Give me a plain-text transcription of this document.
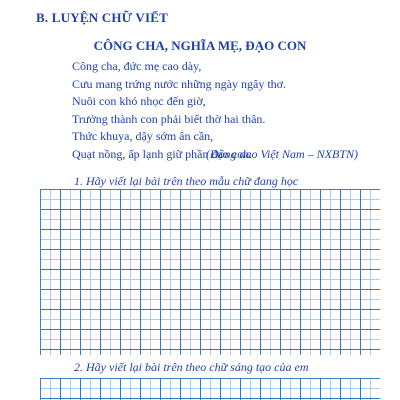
B. LUYỆN CHỮ VIẾT
CÔNG CHA, NGHĨA MẸ, ĐẠO CON
Công cha, đức mẹ cao dày,
Cưu mang trứng nước những ngày ngây thơ.
Nuôi con khó nhọc đến giờ,
Trưởng thành con phải biết thờ hai thân.
Thức khuya, dậy sớm ân cần,
Quạt nồng, ấp lạnh giữ phần đạo con.
(Đồng dao Việt Nam – NXBTN)
1. Hãy viết lại bài trên theo mẫu chữ đang học
2. Hãy viết lại bài trên theo chữ sáng tạo của em
